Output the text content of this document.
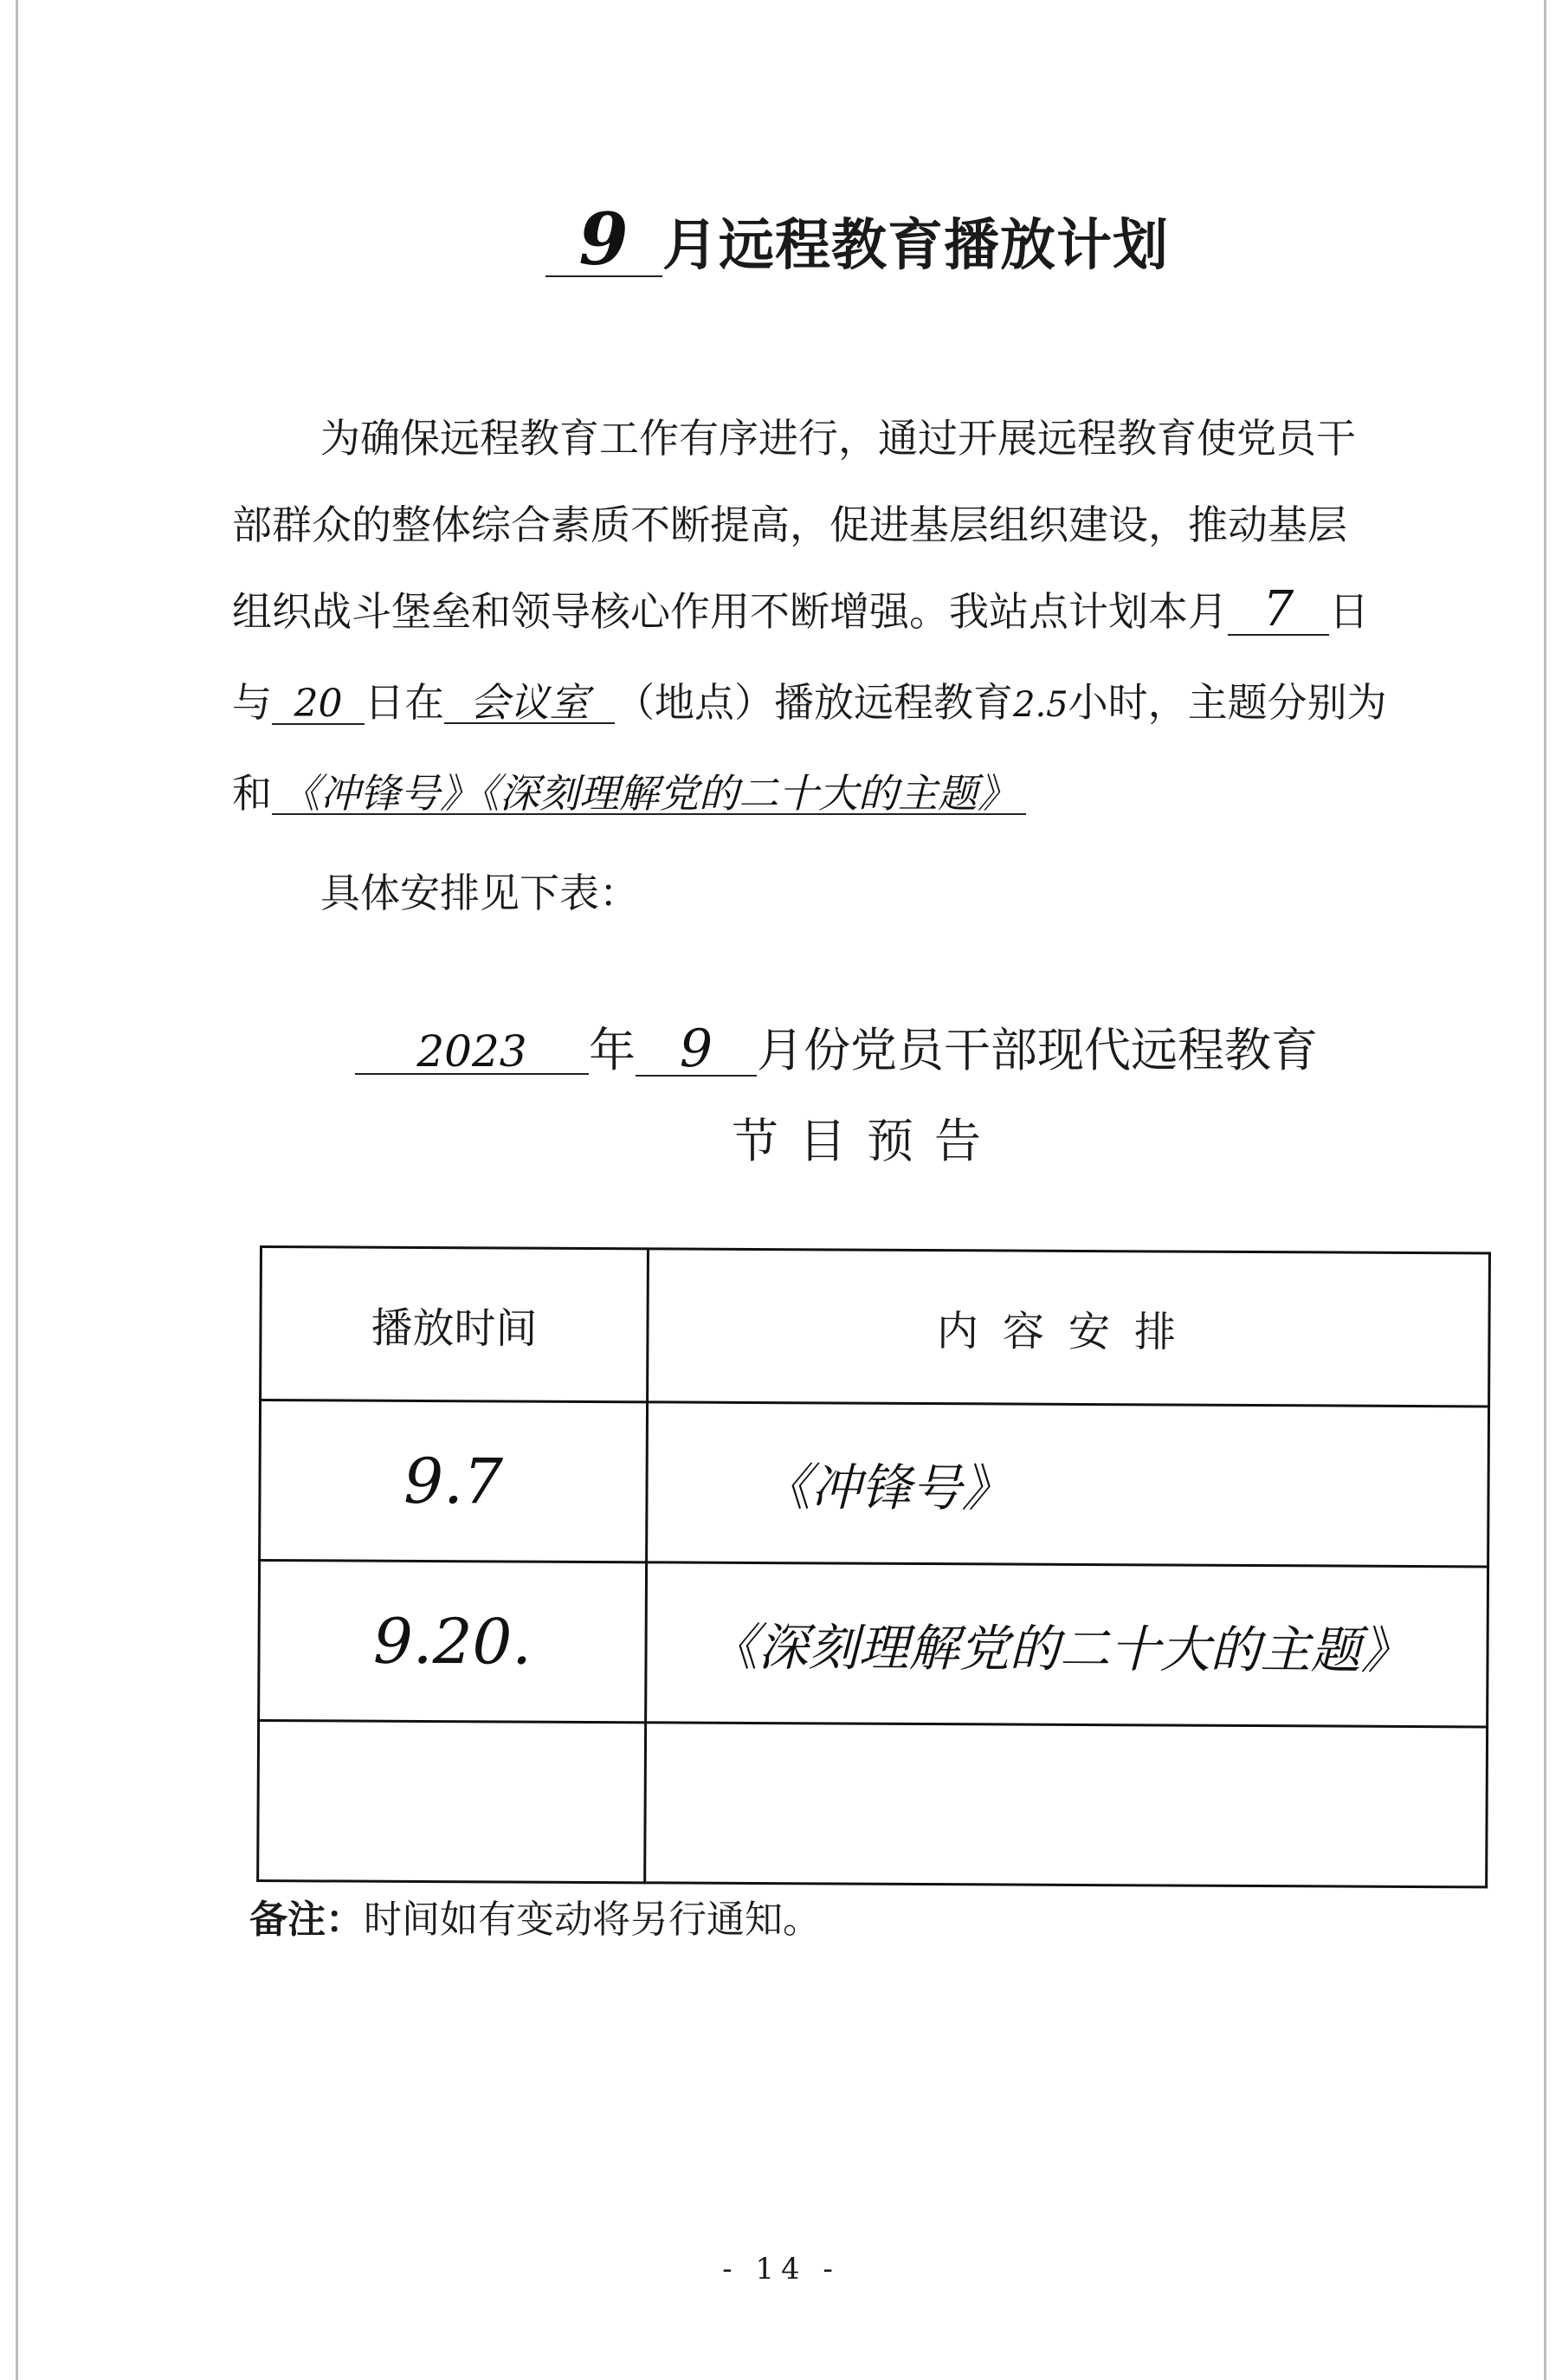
9 月远程教育播放计划
为确保远程教育工作有序进行，通过开展远程教育使党员干
部群众的整体综合素质不断提高，促进基层组织建设，推动基层
组织战斗堡垒和领导核心作用不断增强。我站点计划本月 7 日
与 20 日在 会议室 （地点）播放远程教育2.5小时，主题分别为
和 《冲锋号》《深刻理解党的二十大的主题》
具体安排见下表：
2023 年 9 月份党员干部现代远程教育
节目预告
播放时间	内容安排
9.7	《冲锋号》
9.20.	《深刻理解党的二十大的主题》

备注：时间如有变动将另行通知。
- 14 -
